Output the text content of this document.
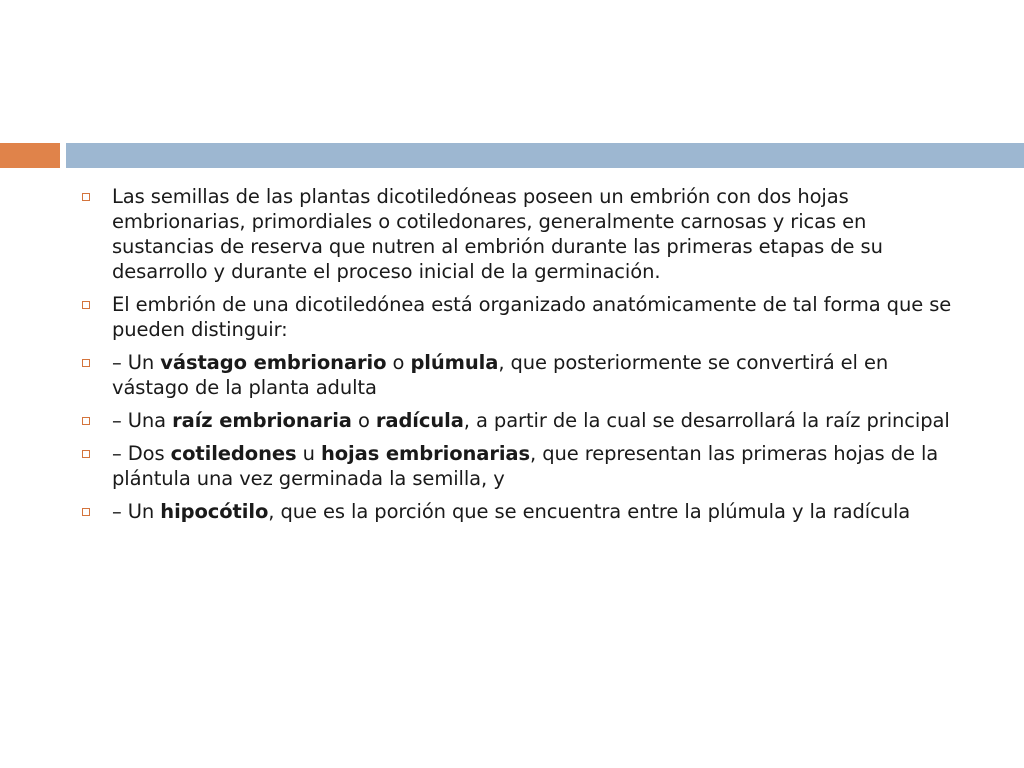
Las semillas de las plantas dicotiledóneas poseen un embrión con dos hojas embrionarias, primordiales o cotiledonares, generalmente carnosas y ricas en sustancias de reserva que nutren al embrión durante las primeras etapas de su desarrollo y durante el proceso inicial de la germinación.
El embrión de una dicotiledónea está organizado anatómicamente de tal forma que se pueden distinguir:
– Un vástago embrionario o plúmula, que posteriormente se convertirá el en vástago de la planta adulta
– Una raíz embrionaria o radícula, a partir de la cual se desarrollará la raíz principal
– Dos cotiledones u hojas embrionarias, que representan las primeras hojas de la plántula una vez germinada la semilla, y
– Un hipocótilo, que es la porción que se encuentra entre la plúmula y la radícula
